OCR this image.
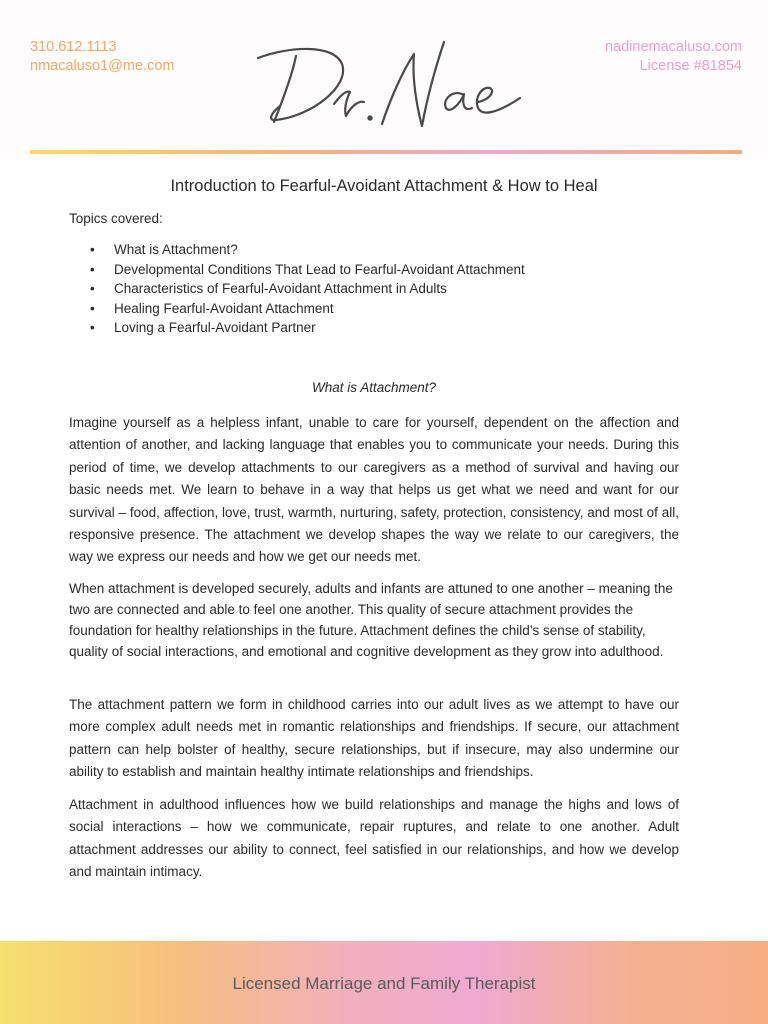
310.612.1113
nmacaluso1@me.com
nadinemacaluso.com
License #81854
Introduction to Fearful-Avoidant Attachment & How to Heal
Topics covered:
• What is Attachment?
• Developmental Conditions That Lead to Fearful-Avoidant Attachment
• Characteristics of Fearful-Avoidant Attachment in Adults
• Healing Fearful-Avoidant Attachment
• Loving a Fearful-Avoidant Partner
What is Attachment?

Imagine yourself as a helpless infant, unable to care for yourself, dependent on the affection and attention of another, and lacking language that enables you to communicate your needs. During this period of time, we develop attachments to our caregivers as a method of survival and having our basic needs met. We learn to behave in a way that helps us get what we need and want for our survival – food, affection, love, trust, warmth, nurturing, safety, protection, consistency, and most of all, responsive presence. The attachment we develop shapes the way we relate to our caregivers, the way we express our needs and how we get our needs met.

When attachment is developed securely, adults and infants are attuned to one another – meaning the two are connected and able to feel one another. This quality of secure attachment provides the foundation for healthy relationships in the future. Attachment defines the child’s sense of stability, quality of social interactions, and emotional and cognitive development as they grow into adulthood.

The attachment pattern we form in childhood carries into our adult lives as we attempt to have our more complex adult needs met in romantic relationships and friendships. If secure, our attachment pattern can help bolster of healthy, secure relationships, but if insecure, may also undermine our ability to establish and maintain healthy intimate relationships and friendships.

Attachment in adulthood influences how we build relationships and manage the highs and lows of social interactions – how we communicate, repair ruptures, and relate to one another. Adult attachment addresses our ability to connect, feel satisfied in our relationships, and how we develop and maintain intimacy.

Licensed Marriage and Family Therapist
